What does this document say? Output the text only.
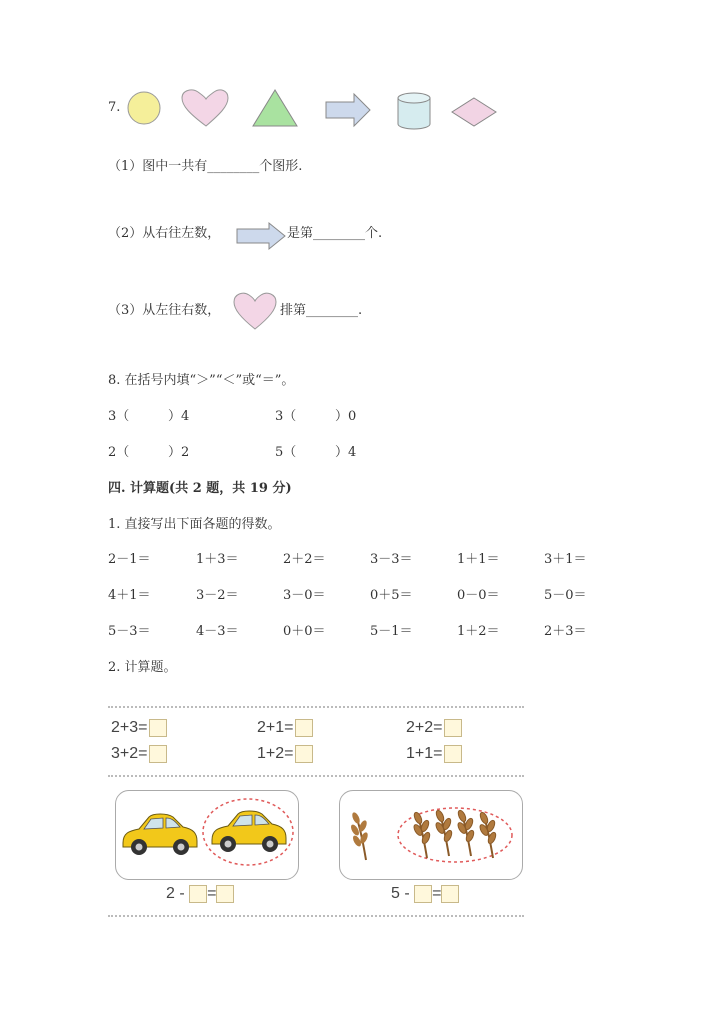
7.
（1）图中一共有________个图形.
（2）从右往左数，	是第________个.
（3）从左往右数，	排第________.
8. 在括号内填“＞”“＜”或“＝”。
3（	）4	3（	）0
2（	）2	5（	）4
四. 计算题(共 2 题，共 19 分)
1. 直接写出下面各题的得数。
2－1＝	1＋3＝	2＋2＝	3－3＝	1＋1＝	3＋1＝
4＋1＝	3－2＝	3－0＝	0＋5＝	0－0＝	5－0＝
5－3＝	4－3＝	0＋0＝	5－1＝	1＋2＝	2＋3＝
2. 计算题。
2+3=	2+1=	2+2=
3+2=	1+2=	1+1=
2 - =	5 - =
